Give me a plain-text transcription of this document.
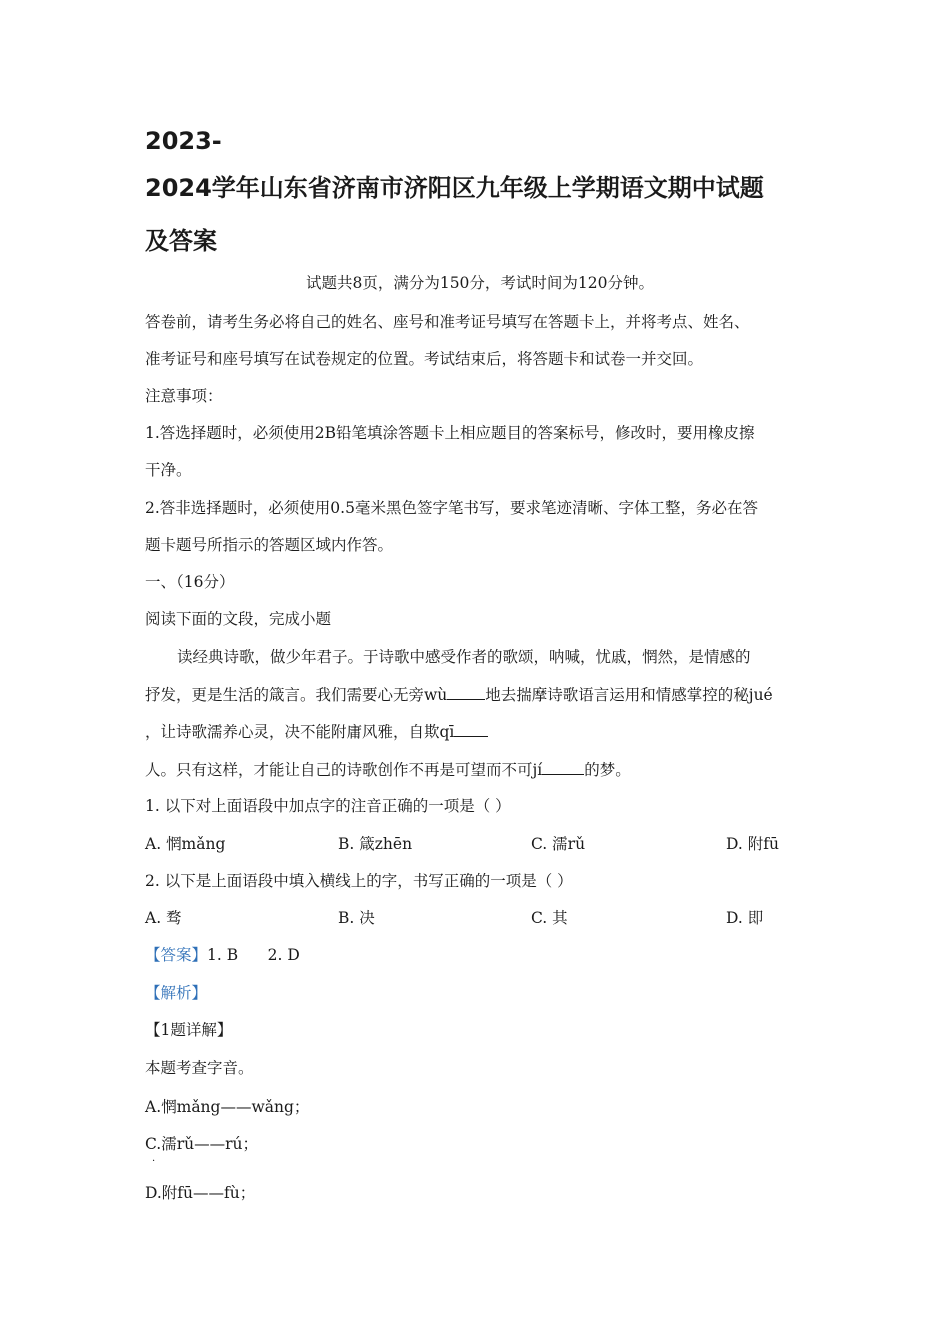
2023-
2024学年山东省济南市济阳区九年级上学期语文期中试题
及答案
试题共8页，满分为150分，考试时间为120分钟。
答卷前，请考生务必将自己的姓名、座号和准考证号填写在答题卡上，并将考点、姓名、
准考证号和座号填写在试卷规定的位置。考试结束后，将答题卡和试卷一并交回。
注意事项：
1.答选择题时，必须使用2B铅笔填涂答题卡上相应题目的答案标号，修改时，要用橡皮擦
干净。
2.答非选择题时，必须使用0.5毫米黑色签字笔书写，要求笔迹清晰、字体工整，务必在答
题卡题号所指示的答题区域内作答。
一、（16分）
阅读下面的文段，完成小题
读经典诗歌，做少年君子。于诗歌中感受作者的歌颂，呐喊，忧戚，惘然，是情感的
抒发，更是生活的箴言。我们需要心无旁wù 地去揣摩诗歌语言运用和情感掌控的秘jué
，让诗歌濡养心灵，决不能附庸风雅，自欺qī
人。只有这样，才能让自己的诗歌创作不再是可望而不可jí	的梦。
1. 以下对上面语段中加点字的注音正确的一项是（ ）
A. 惘mǎng	B. 箴zhēn	C. 濡rǔ	D. 附fū
2. 以下是上面语段中填入横线上的字，书写正确的一项是（ ）
A. 骛	B. 决	C. 其	D. 即
【答案】1. B      2. D
【解析】
【1题详解】
本题考查字音。
A.惘mǎng——wǎng；
C.濡rǔ——rú；
D.附fū——fù；
·
